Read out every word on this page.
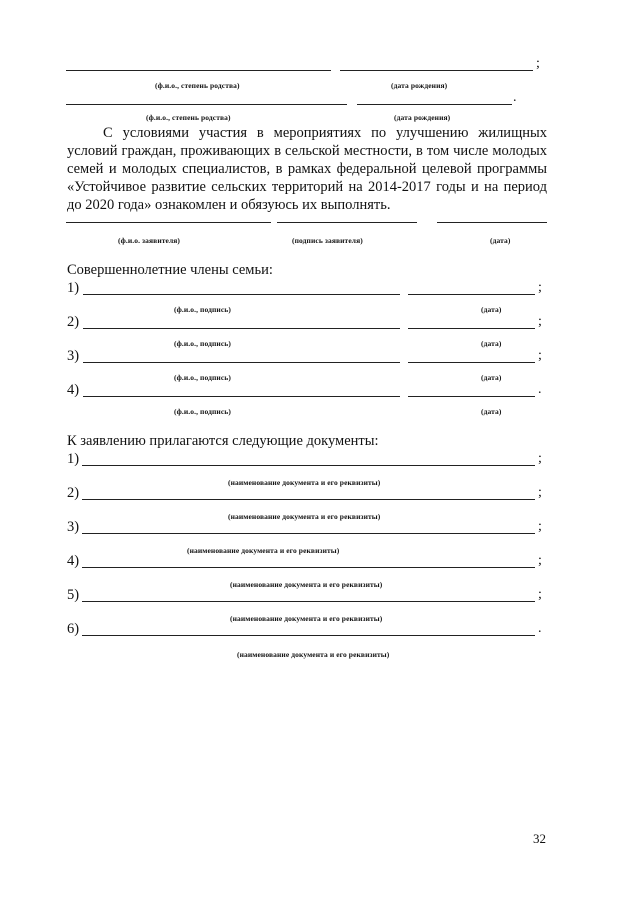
;
(ф.и.о., степень родства)	(дата рождения)
.
(ф.и.о., степень родства)	(дата рождения)
С условиями участия в мероприятиях по улучшению жилищных условий граждан, проживающих в сельской местности, в том числе молодых семей и молодых специалистов, в рамках федеральной целевой программы «Устойчивое развитие сельских территорий на 2014-2017 годы и на период до 2020 года» ознакомлен и обязуюсь их выполнять.
(ф.и.о. заявителя)	(подпись заявителя)	(дата)
Совершеннолетние члены семьи:
1)	;
(ф.и.о., подпись)	(дата)
2)	;
(ф.и.о., подпись)	(дата)
3)	;
(ф.и.о., подпись)	(дата)
4)	.
(ф.и.о., подпись)	(дата)
К заявлению прилагаются следующие документы:
1)	;
(наименование документа и его реквизиты)
2)	;
(наименование документа и его реквизиты)
3)	;
(наименование документа и его реквизиты)
4)	;
(наименование документа и его реквизиты)
5)	;
(наименование документа и его реквизиты)
6)	.
(наименование документа и его реквизиты)
32
